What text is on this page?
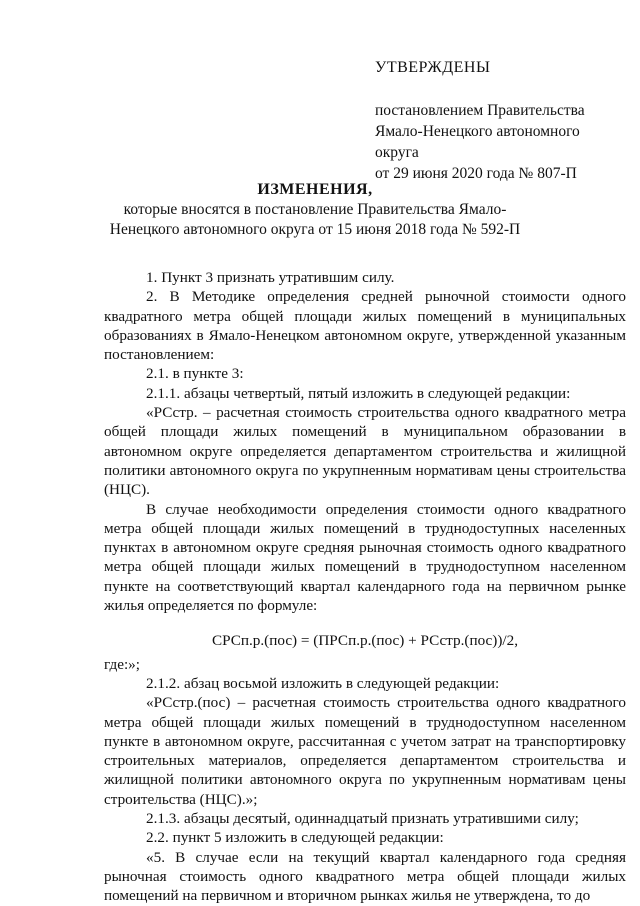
УТВЕРЖДЕНЫ
постановлением Правительства
Ямало-Ненецкого автономного округа
от 29 июня 2020 года № 807-П
ИЗМЕНЕНИЯ,
которые вносятся в постановление Правительства Ямало-Ненецкого автономного округа от 15 июня 2018 года № 592-П

1. Пункт 3 признать утратившим силу.

2. В Методике определения средней рыночной стоимости одного квадратного метра общей площади жилых помещений в муниципальных образованиях в Ямало-Ненецком автономном округе, утвержденной указанным постановлением:

2.1. в пункте 3:

2.1.1. абзацы четвертый, пятый изложить в следующей редакции:

«РСстр. – расчетная стоимость строительства одного квадратного метра общей площади жилых помещений в муниципальном образовании в автономном округе определяется департаментом строительства и жилищной политики автономного округа по укрупненным нормативам цены строительства (НЦС).

В случае необходимости определения стоимости одного квадратного метра общей площади жилых помещений в труднодоступных населенных пунктах в автономном округе средняя рыночная стоимость одного квадратного метра общей площади жилых помещений в труднодоступном населенном пункте на соответствующий квартал календарного года на первичном рынке жилья определяется по формуле:

СРСп.р.(пос) = (ПРСп.р.(пос) + РСстр.(пос))/2,

где:»;

2.1.2. абзац восьмой изложить в следующей редакции:

«РСстр.(пос) – расчетная стоимость строительства одного квадратного метра общей площади жилых помещений в труднодоступном населенном пункте в автономном округе, рассчитанная с учетом затрат на транспортировку строительных материалов, определяется департаментом строительства и жилищной политики автономного округа по укрупненным нормативам цены строительства (НЦС).»;

2.1.3. абзацы десятый, одиннадцатый признать утратившими силу;

2.2. пункт 5 изложить в следующей редакции:

«5. В случае если на текущий квартал календарного года средняя рыночная стоимость одного квадратного метра общей площади жилых помещений на первичном и вторичном рынках жилья не утверждена, то до
